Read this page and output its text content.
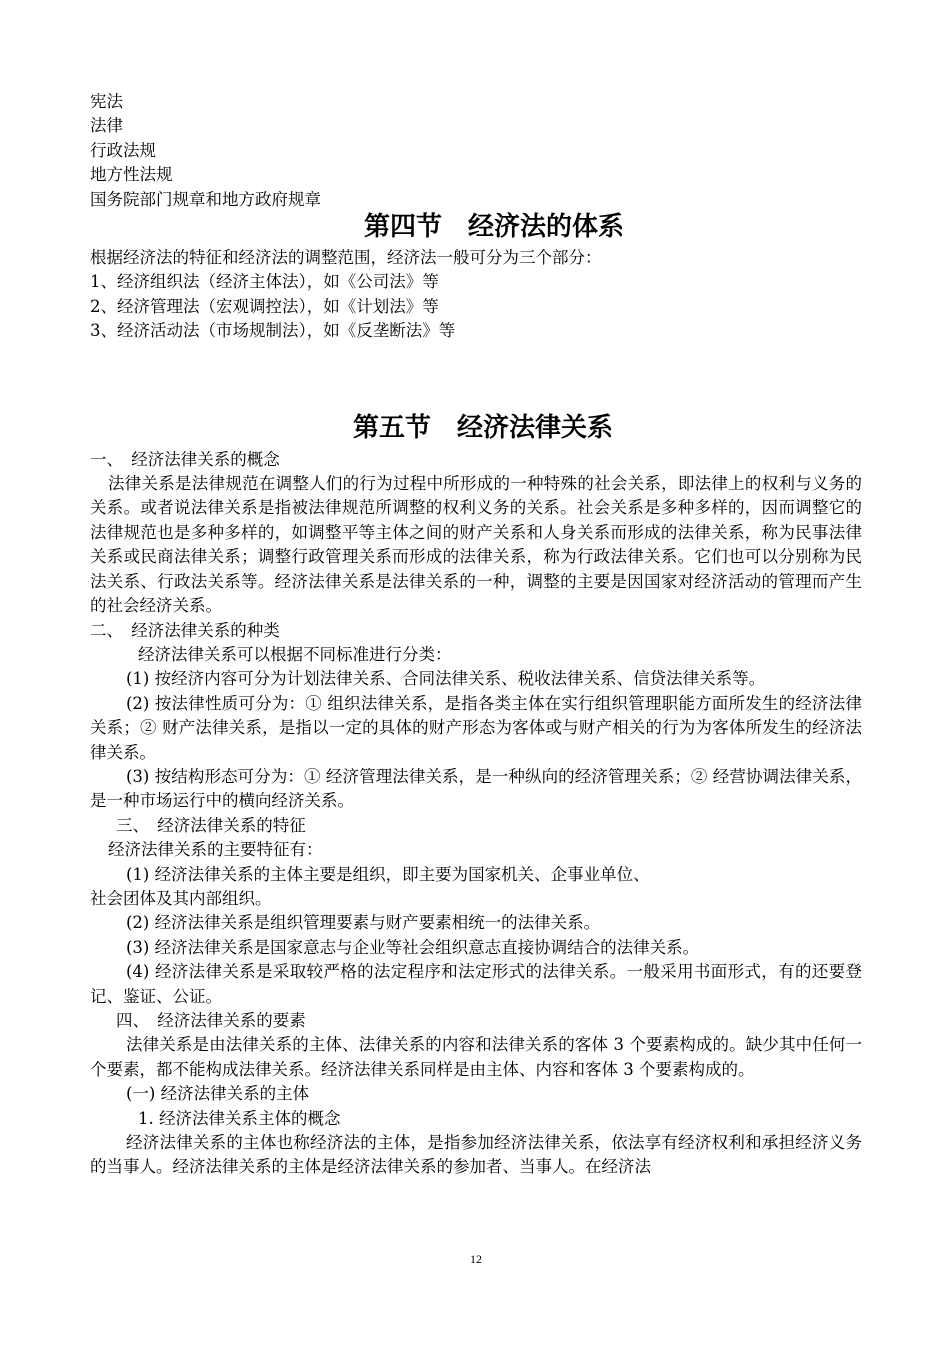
宪法

法律

行政法规

地方性法规

国务院部门规章和地方政府规章

第四节　经济法的体系

根据经济法的特征和经济法的调整范围，经济法一般可分为三个部分：

1、经济组织法（经济主体法），如《公司法》等

2、经济管理法（宏观调控法），如《计划法》等

3、经济活动法（市场规制法），如《反垄断法》等

第五节　经济法律关系

一、　经济法律关系的概念

法律关系是法律规范在调整人们的行为过程中所形成的一种特殊的社会关系，即法律上的权利与义务的关系。或者说法律关系是指被法律规范所调整的权利义务的关系。社会关系是多种多样的，因而调整它的法律规范也是多种多样的，如调整平等主体之间的财产关系和人身关系而形成的法律关系，称为民事法律关系或民商法律关系；调整行政管理关系而形成的法律关系，称为行政法律关系。它们也可以分别称为民法关系、行政法关系等。经济法律关系是法律关系的一种，调整的主要是因国家对经济活动的管理而产生的社会经济关系。

二、　经济法律关系的种类

经济法律关系可以根据不同标准进行分类：

(1) 按经济内容可分为计划法律关系、合同法律关系、税收法律关系、信贷法律关系等。

(2) 按法律性质可分为：① 组织法律关系，是指各类主体在实行组织管理职能方面所发生的经济法律关系；② 财产法律关系，是指以一定的具体的财产形态为客体或与财产相关的行为为客体所发生的经济法律关系。

(3) 按结构形态可分为：① 经济管理法律关系，是一种纵向的经济管理关系；② 经营协调法律关系，是一种市场运行中的横向经济关系。

三、　经济法律关系的特征

经济法律关系的主要特征有：

(1) 经济法律关系的主体主要是组织，即主要为国家机关、企事业单位、

社会团体及其内部组织。

(2) 经济法律关系是组织管理要素与财产要素相统一的法律关系。

(3) 经济法律关系是国家意志与企业等社会组织意志直接协调结合的法律关系。

(4) 经济法律关系是采取较严格的法定程序和法定形式的法律关系。一般采用书面形式，有的还要登记、鉴证、公证。

四、　经济法律关系的要素

法律关系是由法律关系的主体、法律关系的内容和法律关系的客体 3 个要素构成的。缺少其中任何一个要素，都不能构成法律关系。经济法律关系同样是由主体、内容和客体 3 个要素构成的。

(一) 经济法律关系的主体

1. 经济法律关系主体的概念

经济法律关系的主体也称经济法的主体，是指参加经济法律关系，依法享有经济权利和承担经济义务的当事人。经济法律关系的主体是经济法律关系的参加者、当事人。在经济法

12
